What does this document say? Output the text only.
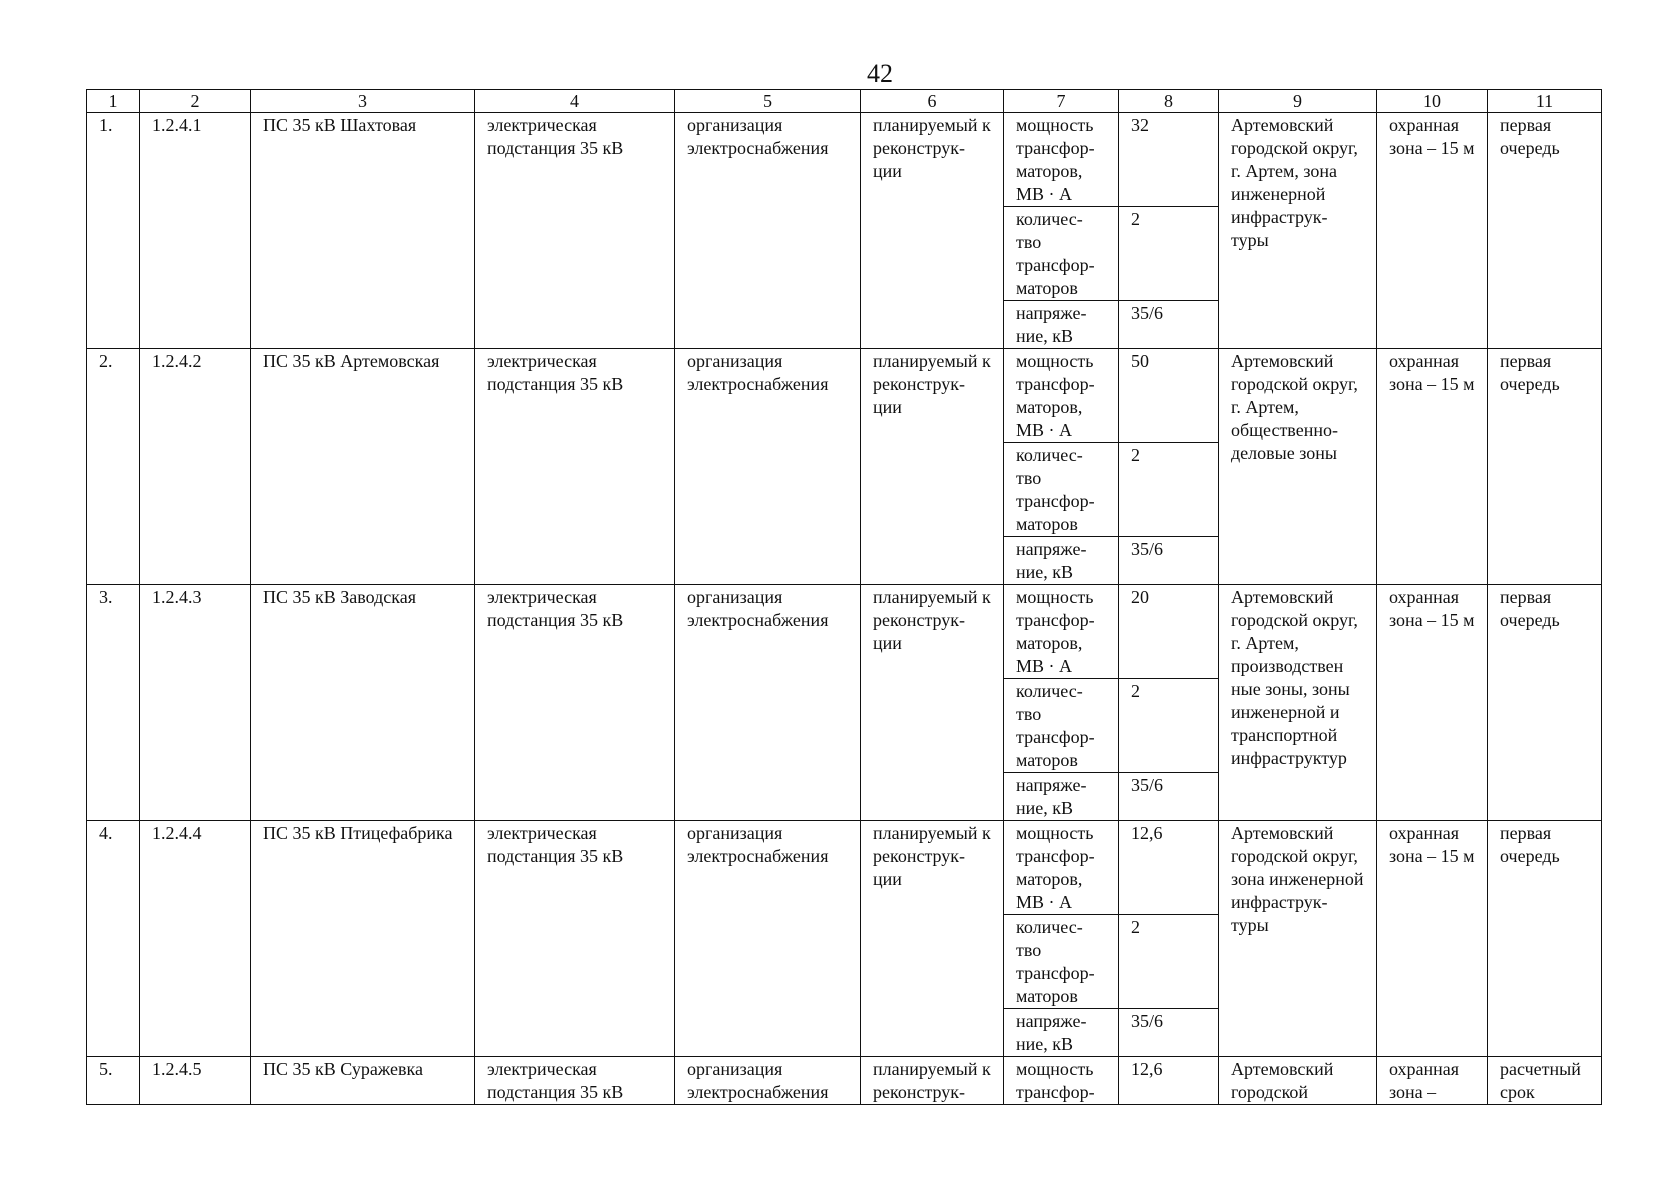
42
1	2	3	4	5	6	7	8	9	10	11
1.	1.2.4.1	ПС 35 кВ Шахтовая	электрическая подстанция 35 кВ	организация электроснабжения	планируемый к реконструк- ции	мощность трансфор- маторов, МВ · А	32	Артемовский городской округ, г. Артем, зона инженерной инфраструк- туры	охранная зона – 15 м	первая очередь
						количес- тво трансфор- маторов	2			
						напряже- ние, кВ	35/6			
2.	1.2.4.2	ПС 35 кВ Артемовская	электрическая подстанция 35 кВ	организация электроснабжения	планируемый к реконструк- ции	мощность трансфор- маторов, МВ · А	50	Артемовский городской округ, г. Артем, общественно- деловые зоны	охранная зона – 15 м	первая очередь
						количес- тво трансфор- маторов	2			
						напряже- ние, кВ	35/6			
3.	1.2.4.3	ПС 35 кВ Заводская	электрическая подстанция 35 кВ	организация электроснабжения	планируемый к реконструк- ции	мощность трансфор- маторов, МВ · А	20	Артемовский городской округ, г. Артем, производствен ные зоны, зоны инженерной и транспортной инфраструктур	охранная зона – 15 м	первая очередь
						количес- тво трансфор- маторов	2			
						напряже- ние, кВ	35/6			
4.	1.2.4.4	ПС 35 кВ Птицефабрика	электрическая подстанция 35 кВ	организация электроснабжения	планируемый к реконструк- ции	мощность трансфор- маторов, МВ · А	12,6	Артемовский городской округ, зона инженерной инфраструк- туры	охранная зона – 15 м	первая очередь
						количес- тво трансфор- маторов	2			
						напряже- ние, кВ	35/6			
5.	1.2.4.5	ПС 35 кВ Суражевка	электрическая подстанция 35 кВ	организация электроснабжения	планируемый к реконструк-	мощность трансфор-	12,6	Артемовский городской	охранная зона –	расчетный срок
